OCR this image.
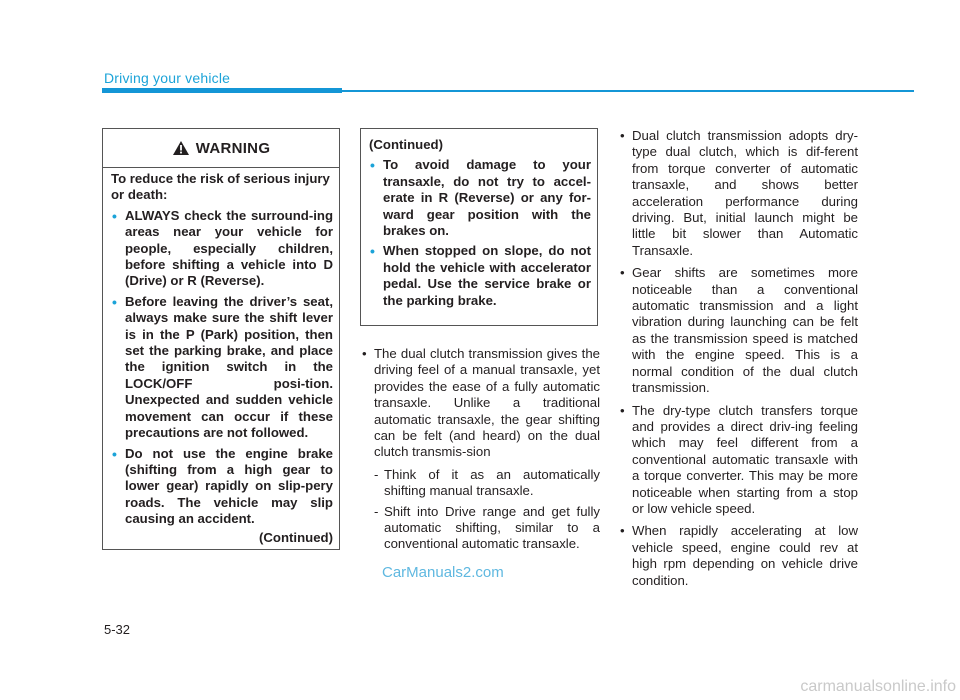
Driving your vehicle
WARNING

To reduce the risk of serious injury or death:

• ALWAYS check the surround-ing areas near your vehicle for people, especially children, before shifting a vehicle into D (Drive) or R (Reverse).

• Before leaving the driver’s seat, always make sure the shift lever is in the P (Park) position, then set the parking brake, and place the ignition switch in the LOCK/OFF posi-tion. Unexpected and sudden vehicle movement can occur if these precautions are not followed.

• Do not use the engine brake (shifting from a high gear to lower gear) rapidly on slip-pery roads. The vehicle may slip causing an accident.

(Continued)

(Continued)

• To avoid damage to your transaxle, do not try to accel-erate in R (Reverse) or any for-ward gear position with the brakes on.

• When stopped on slope, do not hold the vehicle with accelerator pedal. Use the service brake or the parking brake.

• The dual clutch transmission gives the driving feel of a manual transaxle, yet provides the ease of a fully automatic transaxle. Unlike a traditional automatic transaxle, the gear shifting can be felt (and heard) on the dual clutch transmis-sion

- Think of it as an automatically shifting manual transaxle.

- Shift into Drive range and get fully automatic shifting, similar to a conventional automatic transaxle.

• Dual clutch transmission adopts dry-type dual clutch, which is dif-ferent from torque converter of automatic transaxle, and shows better acceleration performance during driving. But, initial launch might be little bit slower than Automatic Transaxle.

• Gear shifts are sometimes more noticeable than a conventional automatic transmission and a light vibration during launching can be felt as the transmission speed is matched with the engine speed. This is a normal condition of the dual clutch transmission.

• The dry-type clutch transfers torque and provides a direct driv-ing feeling which may feel different from a conventional automatic transaxle with a torque converter. This may be more noticeable when starting from a stop or low vehicle speed.

• When rapidly accelerating at low vehicle speed, engine could rev at high rpm depending on vehicle drive condition.

CarManuals2.com
5-32
carmanualsonline.info
